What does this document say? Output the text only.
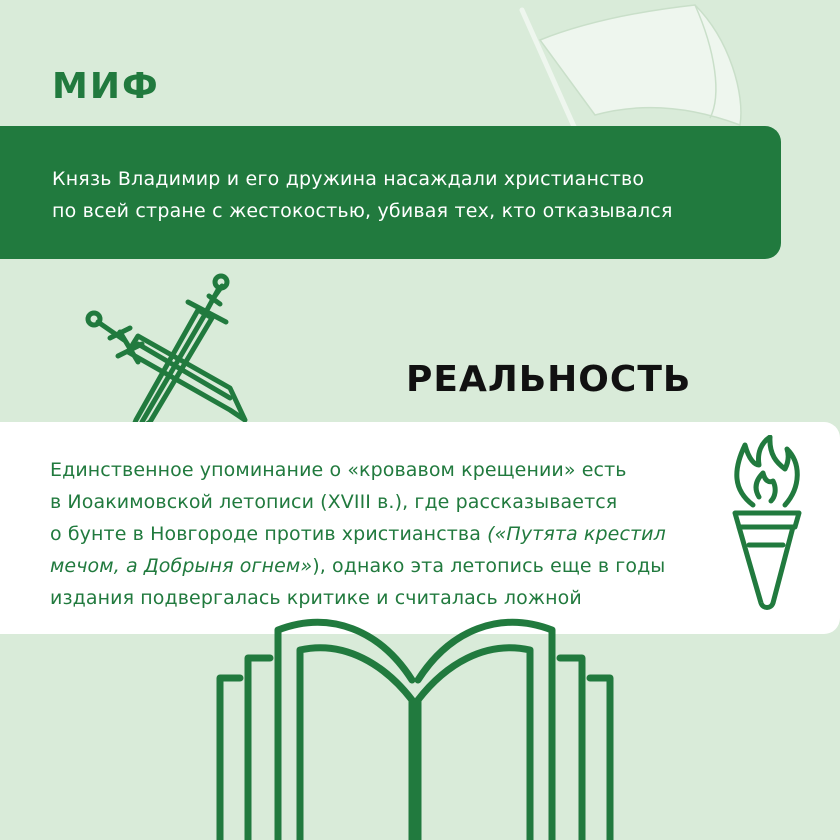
МИФ
Князь Владимир и его дружина насаждали христианство
по всей стране с жестокостью, убивая тех, кто отказывался
РЕАЛЬНОСТЬ
Единственное упоминание о «кровавом крещении» есть
в Иоакимовской летописи (XVIII в.), где рассказывается
о бунте в Новгороде против христианства («Путята крестил
мечом, а Добрыня огнем»), однако эта летопись еще в годы
издания подвергалась критике и считалась ложной
